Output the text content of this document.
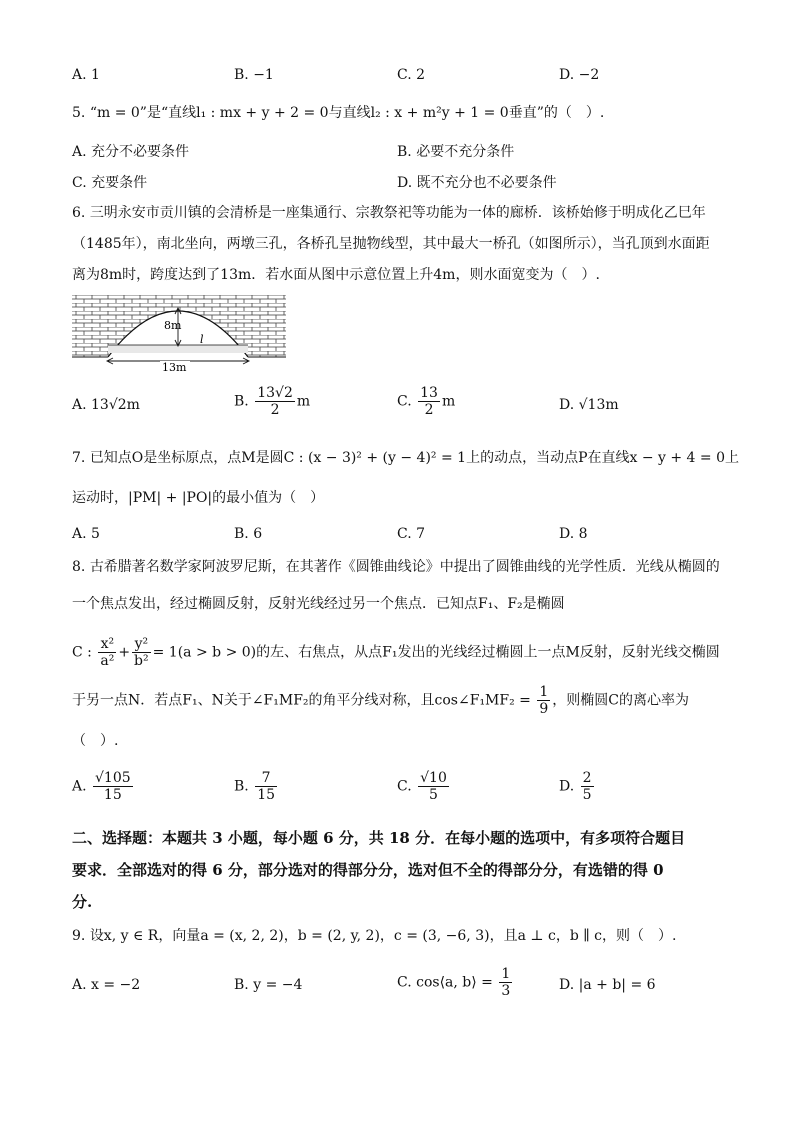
A. 1	B. −1	C. 2	D. −2
5. “m = 0”是“直线l₁ : mx + y + 2 = 0与直线l₂ : x + m²y + 1 = 0垂直”的（　）.
A. 充分不必要条件	B. 必要不充分条件
C. 充要条件	D. 既不充分也不必要条件
6. 三明永安市贡川镇的会清桥是一座集通行、宗教祭祀等功能为一体的廊桥．该桥始修于明成化乙巳年
（1485年），南北坐向，两墩三孔，各桥孔呈抛物线型，其中最大一桥孔（如图所示），当孔顶到水面距
离为8m时，跨度达到了13m．若水面从图中示意位置上升4m，则水面宽变为（　）.
8m
l
13m
A. 13√2m	B. $\frac{13√2}{2}$ m	C. $\frac{13}{2}$ m	D. √13m
7. 已知点O是坐标原点，点M是圆C : (x − 3)² + (y − 4)² = 1上的动点，当动点P在直线x − y + 4 = 0上
运动时，|PM| + |PO|的最小值为（　）
A. 5	B. 6	C. 7	D. 8
8. 古希腊著名数学家阿波罗尼斯，在其著作《圆锥曲线论》中提出了圆锥曲线的光学性质．光线从椭圆的
一个焦点发出，经过椭圆反射，反射光线经过另一个焦点．已知点F₁、F₂是椭圆
C : $\frac{\text{x²}}{\text{a²}} + \frac{\text{y²}}{\text{b²}} = 1(a > b > 0)$的左、右焦点，从点F₁发出的光线经过椭圆上一点M反射，反射光线交椭圆
于另一点N．若点F₁、N关于∠F₁MF₂的角平分线对称，且cos∠F₁MF₂ = $\frac{1}{9}$ ，则椭圆C的离心率为
（　）.
A. $\frac{√105}{15}$	B. $\frac{7}{15}$	C. $\frac{√10}{5}$	D. $\frac{2}{5}$
二、选择题：本题共 3 小题，每小题 6 分，共 18 分．在每小题的选项中，有多项符合题目
要求．全部选对的得 6 分，部分选对的得部分分，选对但不全的得部分分，有选错的得 0
分.
9. 设x, y ∈ R，向量a = (x, 2, 2)，b = (2, y, 2)，c = (3, −6, 3)，且a ⊥ c，b ∥ c，则（　）.
A. x = −2	B. y = −4	C. cos⟨a, b⟩ = $\frac{1}{3}$	D. |a + b| = 6
